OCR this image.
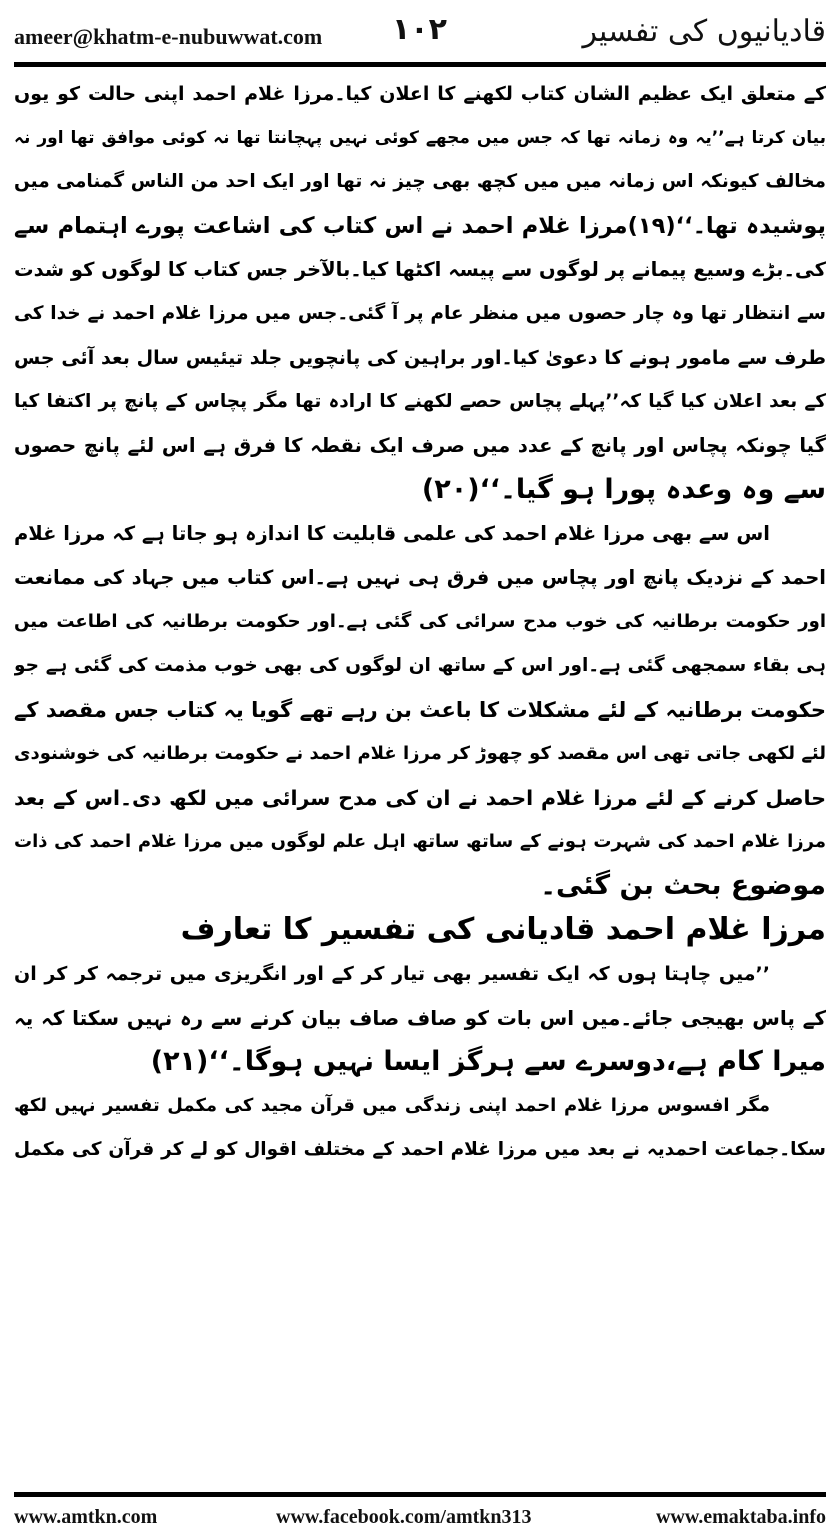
ameer@khatm-e-nubuwwat.com ۱۰۲	قادیانیوں کی تفسیر
کے متعلق ایک عظیم الشان کتاب لکھنے کا اعلان کیا۔مرزا غلام احمد اپنی حالت کو یوں
بیان کرتا ہے’’یہ وہ زمانہ تھا کہ جس میں مجھے کوئی نہیں پہچانتا تھا نہ کوئی موافق تھا اور نہ
مخالف کیونکہ اس زمانہ میں میں کچھ بھی چیز نہ تھا اور ایک احد من الناس گمنامی میں
پوشیدہ تھا۔‘‘(۱۹)مرزا غلام احمد نے اس کتاب کی اشاعت پورے اہتمام سے
کی۔بڑے وسیع پیمانے پر لوگوں سے پیسہ اکٹھا کیا۔بالآخر جس کتاب کا لوگوں کو شدت
سے انتظار تھا وہ چار حصوں میں منظر عام پر آ گئی۔جس میں مرزا غلام احمد نے خدا کی
طرف سے مامور ہونے کا دعویٰ کیا۔اور براہین کی پانچویں جلد تیئیس سال بعد آئی جس
کے بعد اعلان کیا گیا کہ’’پہلے پچاس حصے لکھنے کا ارادہ تھا مگر پچاس کے پانچ پر اکتفا کیا
گیا چونکہ پچاس اور پانچ کے عدد میں صرف ایک نقطہ کا فرق ہے اس لئے پانچ حصوں
سے وہ وعدہ پورا ہو گیا۔‘‘(۲۰)
اس سے بھی مرزا غلام احمد کی علمی قابلیت کا اندازہ ہو جاتا ہے کہ مرزا غلام
احمد کے نزدیک پانچ اور پچاس میں فرق ہی نہیں ہے۔اس کتاب میں جہاد کی ممانعت
اور حکومت برطانیہ کی خوب مدح سرائی کی گئی ہے۔اور حکومت برطانیہ کی اطاعت میں
ہی بقاء سمجھی گئی ہے۔اور اس کے ساتھ ان لوگوں کی بھی خوب مذمت کی گئی ہے جو
حکومت برطانیہ کے لئے مشکلات کا باعث بن رہے تھے گویا یہ کتاب جس مقصد کے
لئے لکھی جاتی تھی اس مقصد کو چھوڑ کر مرزا غلام احمد نے حکومت برطانیہ کی خوشنودی
حاصل کرنے کے لئے مرزا غلام احمد نے ان کی مدح سرائی میں لکھ دی۔اس کے بعد
مرزا غلام احمد کی شہرت ہونے کے ساتھ ساتھ اہل علم لوگوں میں مرزا غلام احمد کی ذات
موضوع بحث بن گئی۔
مرزا غلام احمد قادیانی کی تفسیر کا تعارف
’’میں چاہتا ہوں کہ ایک تفسیر بھی تیار کر کے اور انگریزی میں ترجمہ کر کر ان
کے پاس بھیجی جائے۔میں اس بات کو صاف صاف بیان کرنے سے رہ نہیں سکتا کہ یہ
میرا کام ہے،دوسرے سے ہرگز ایسا نہیں ہوگا۔‘‘(۲۱)
مگر افسوس مرزا غلام احمد اپنی زندگی میں قرآن مجید کی مکمل تفسیر نہیں لکھ
سکا۔جماعت احمدیہ نے بعد میں مرزا غلام احمد کے مختلف اقوال کو لے کر قرآن کی مکمل
www.amtkn.com	www.facebook.com/amtkn313	www.emaktaba.info
